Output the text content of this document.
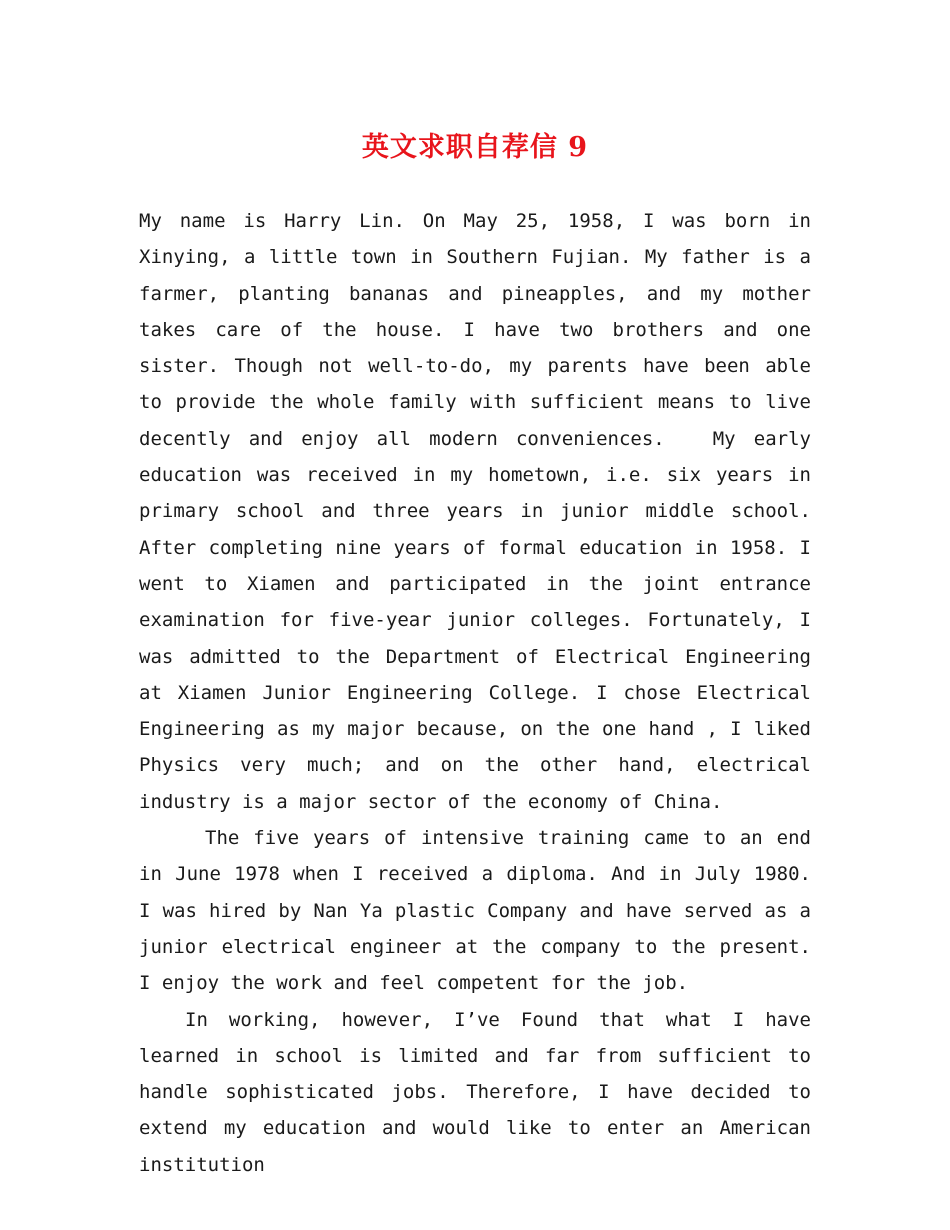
英文求职自荐信 9

My name is Harry Lin. On May 25, 1958, I was born in Xinying, a little town in Southern Fujian. My father is a farmer, planting bananas and pineapples, and my mother takes care of the house. I have two brothers and one sister. Though not well-to-do, my parents have been able to provide the whole family with sufficient means to live decently and enjoy all modern conveniences.	My early education was received in my hometown, i.e. six years in primary school and three years in junior middle school. After completing nine years of formal education in 1958. I went to Xiamen and participated in the joint entrance examination for five-year junior colleges. Fortunately, I was admitted to the Department of Electrical Engineering at Xiamen Junior Engineering College. I chose Electrical Engineering as my major because, on the one hand , I liked Physics very much; and on the other hand, electrical industry is a major sector of the economy of China.

The five years of intensive training came to an end in June 1978 when I received a diploma. And in July 1980. I was hired by Nan Ya plastic Company and have served as a junior electrical engineer at the company to the present. I enjoy the work and feel competent for the job.

In working, however, I’ve Found that what I have learned in school is limited and far from sufficient to handle sophisticated jobs. Therefore, I have decided to extend my education and would like to enter an American institution
